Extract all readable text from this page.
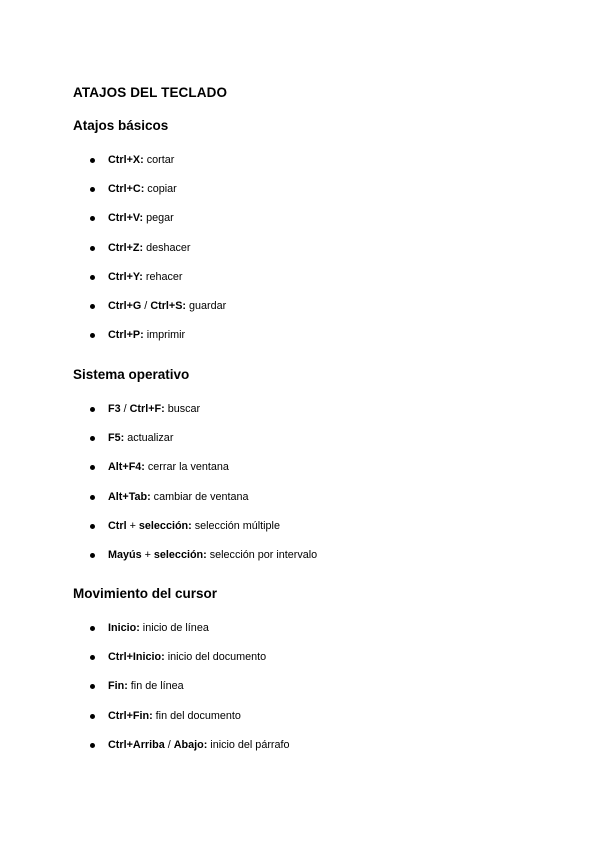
ATAJOS DEL TECLADO
Atajos básicos
Ctrl+X: cortar
Ctrl+C: copiar
Ctrl+V: pegar
Ctrl+Z: deshacer
Ctrl+Y: rehacer
Ctrl+G / Ctrl+S: guardar
Ctrl+P: imprimir
Sistema operativo
F3 / Ctrl+F: buscar
F5: actualizar
Alt+F4: cerrar la ventana
Alt+Tab: cambiar de ventana
Ctrl + selección: selección múltiple
Mayús + selección: selección por intervalo
Movimiento del cursor
Inicio: inicio de línea
Ctrl+Inicio: inicio del documento
Fin: fin de línea
Ctrl+Fin: fin del documento
Ctrl+Arriba / Abajo: inicio del párrafo
